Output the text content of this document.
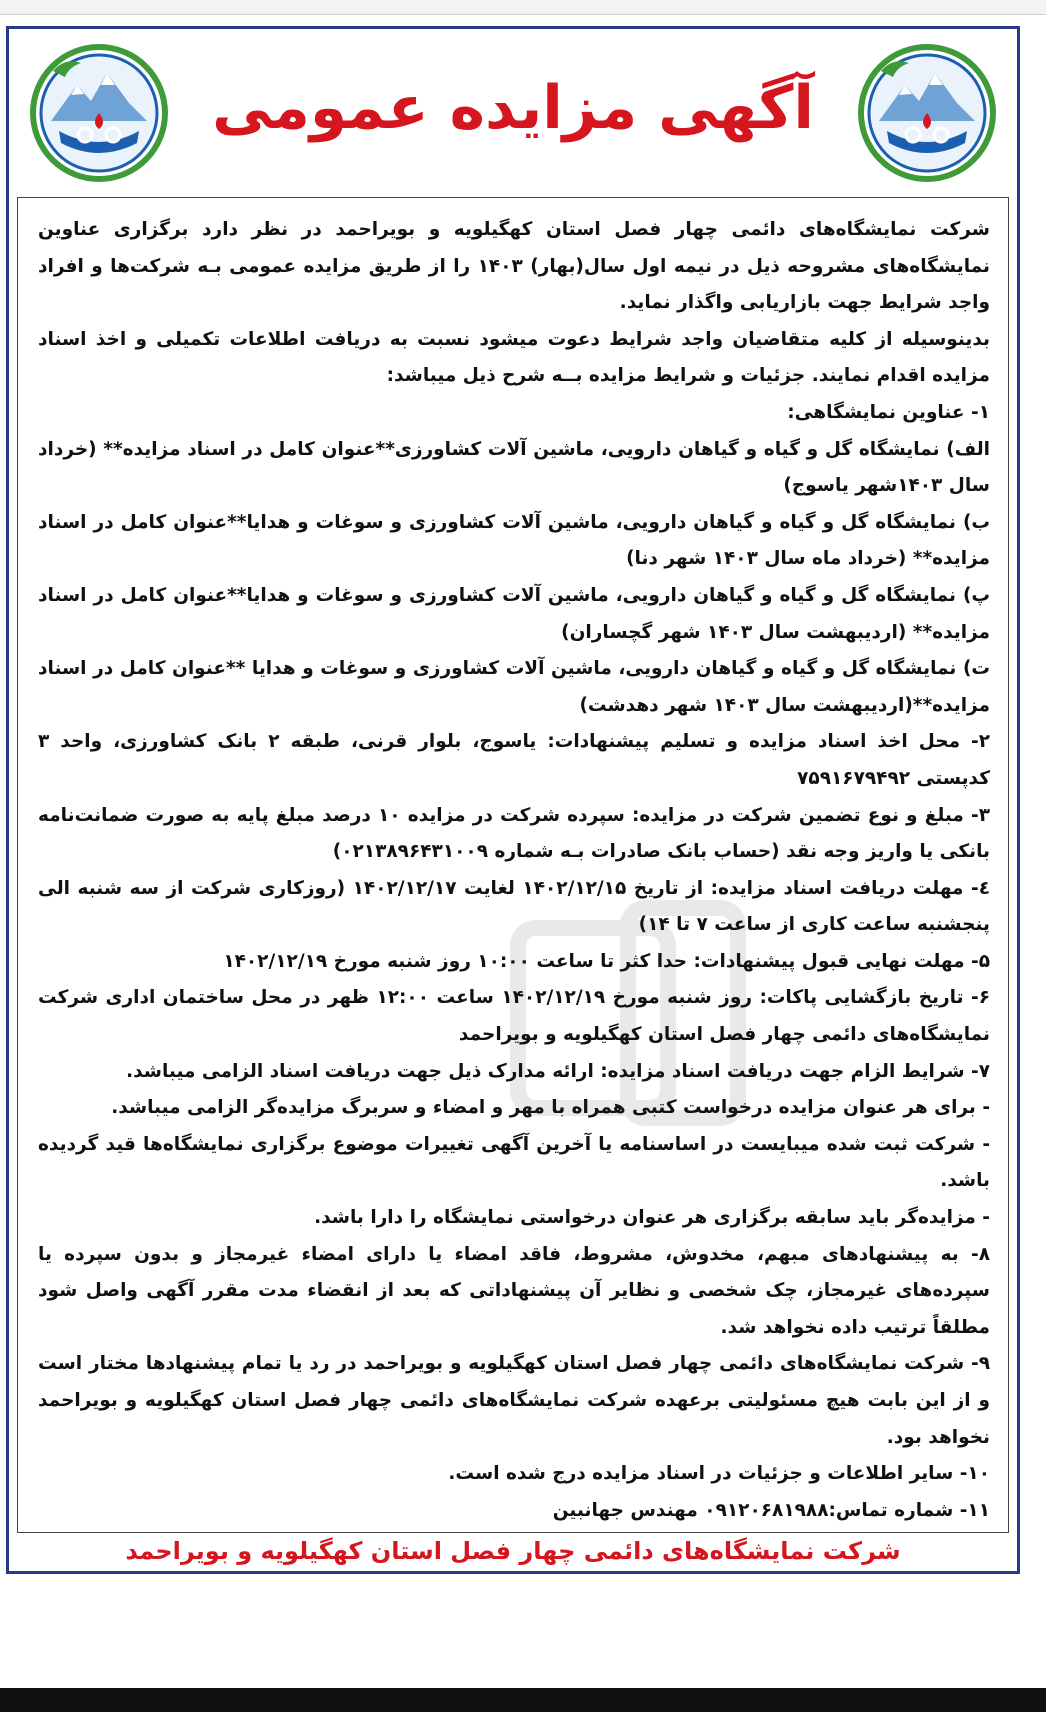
آگهی مزایده عمومی

شرکت نمایشگاه‌های دائمی چهار فصل استان کهگیلویه و بویراحمد در نظر دارد برگزاری عناوین نمایشگاه‌های مشروحه ذیل در نیمه اول سال(بهار) ۱۴۰۳ را از طریق مزایده عمومی بـه شرکت‌ها و افراد واجد شرایط جهت بازاریابی واگذار نماید.

بدینوسیله از کلیه متقاضیان واجد شرایط دعوت میشود نسبت به دریافت اطلاعات تکمیلی و اخذ اسناد مزایده اقدام نمایند. جزئیات و شرایط مزایده بــه شرح ذیل میباشد:

۱- عناوین نمایشگاهی:

الف) نمایشگاه گل و گیاه و گیاهان دارویی، ماشین آلات کشاورزی**عنوان کامل در اسناد مزایده** (خرداد سال ۱۴۰۳شهر یاسوج)

ب) نمایشگاه گل و گیاه و گیاهان دارویی، ماشین آلات کشاورزی و سوغات و هدایا**عنوان کامل در اسناد مزایده** (خرداد ماه سال ۱۴۰۳ شهر دنا)

پ) نمایشگاه گل و گیاه و گیاهان دارویی، ماشین آلات کشاورزی و سوغات و هدایا**عنوان کامل در اسناد مزایده** (اردیبهشت سال ۱۴۰۳ شهر گچساران)

ت) نمایشگاه گل و گیاه و گیاهان دارویی، ماشین آلات کشاورزی و سوغات و هدایا **عنوان کامل در اسناد مزایده**(اردیبهشت سال ۱۴۰۳ شهر دهدشت)

۲- محل اخذ اسناد مزایده و تسلیم پیشنهادات: یاسوج، بلوار قرنی، طبقه ۲ بانک کشاورزی، واحد ۳ کدپستی ۷۵۹۱۶۷۹۴۹۲

۳- مبلغ و نوع تضمین شرکت در مزایده: سپرده شرکت در مزایده ۱۰ درصد مبلغ پایه به صورت ضمانت‌نامه بانکی یا واریز وجه نقد (حساب بانک صادرات بـه شماره ۰۲۱۳۸۹۶۴۳۱۰۰۹)

٤- مهلت دریافت اسناد مزایده: از تاریخ ۱۴۰۲/۱۲/۱۵ لغایت ۱۴۰۲/۱۲/۱۷ (روزکاری شرکت از سه شنبه الی پنجشنبه ساعت کاری از ساعت ۷ تا ۱۴)

۵- مهلت نهایی قبول پیشنهادات: حدا کثر تا ساعت ۱۰:۰۰ روز شنبه مورخ ۱۴۰۲/۱۲/۱۹

۶- تاریخ بازگشایی پاکات: روز شنبه مورخ ۱۴۰۲/۱۲/۱۹ ساعت ۱۲:۰۰ ظهر در محل ساختمان اداری شرکت نمایشگاه‌های دائمی چهار فصل استان کهگیلویه و بویراحمد

۷- شرایط الزام جهت دریافت اسناد مزایده: ارائه مدارک ذیل جهت دریافت اسناد الزامی میباشد.

- برای هر عنوان مزایده درخواست کتبی همراه با مهر و امضاء و سربرگ مزایده‌گر الزامی میباشد.

- شرکت ثبت شده میبایست در اساسنامه یا آخرین آگهی تغییرات موضوع برگزاری نمایشگاه‌ها قید گردیده باشد.

- مزایده‌گر باید سابقه برگزاری هر عنوان درخواستی نمایشگاه را دارا باشد.

۸- به پیشنهادهای مبهم، مخدوش، مشروط، فاقد امضاء یا دارای امضاء غیرمجاز و بدون سپرده یا سپرده‌های غیرمجاز، چک شخصی و نظایر آن پیشنهاداتی که بعد از انقضاء مدت مقرر آگهی واصل شود مطلقاً ترتیب داده نخواهد شد.

۹- شرکت نمایشگاه‌های دائمی چهار فصل استان کهگیلویه و بویراحمد در رد یا تمام پیشنهادها مختار است و از این بابت هیچ مسئولیتی برعهده شرکت نمایشگاه‌های دائمی چهار فصل استان کهگیلویه و بویراحمد نخواهد بود.

۱۰- سایر اطلاعات و جزئیات در اسناد مزایده درج شده است.

۱۱- شماره تماس:۰۹۱۲۰۶۸۱۹۸۸ مهندس جهانبین

شرکت نمایشگاه‌های دائمی چهار فصل استان کهگیلویه و بویراحمد
